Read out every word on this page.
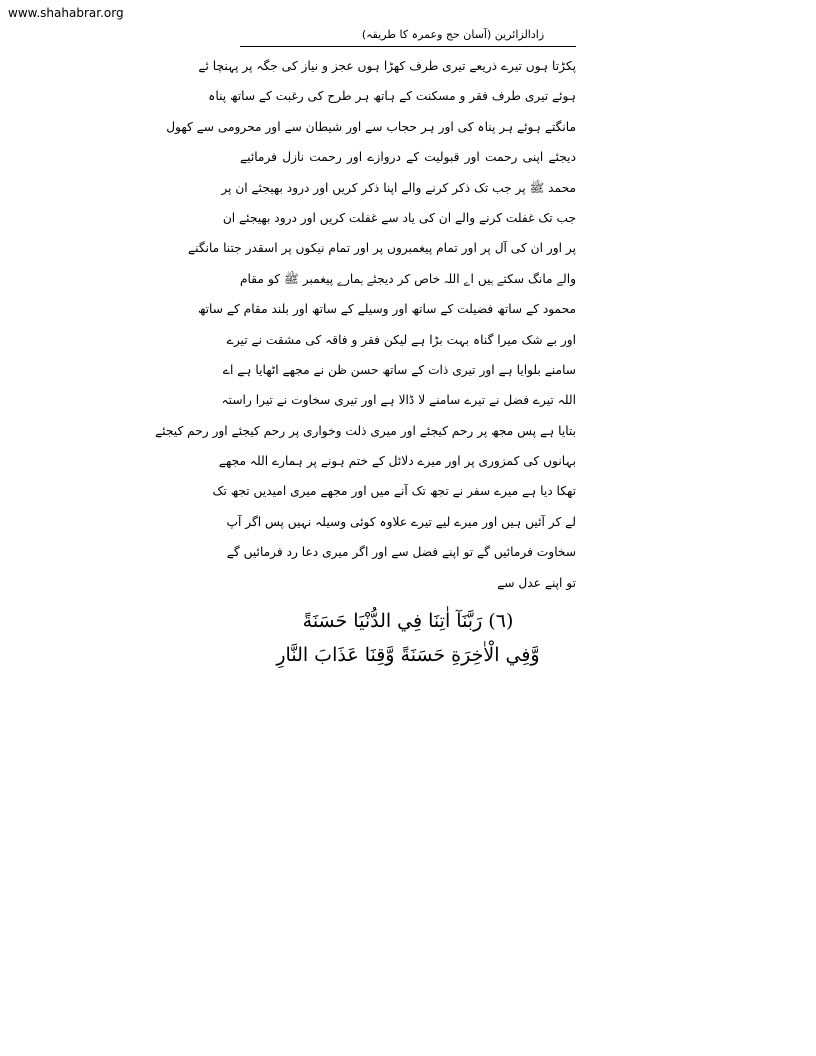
www.shahabrar.org
زادالزائرین (آسان حج وعمرہ کا طریقہ)
پکڑتا ہوں تیرے ذریعے تیری طرف کھڑا ہوں عجز و نیاز کی جگہ پر پہنچا ئے
ہوئے تیری طرف فقر و مسکنت کے ہاتھ ہر طرح کی رغبت کے ساتھ پناہ
مانگتے ہوئے ہر پناہ کی اور ہر حجاب سے اور شیطان سے اور محرومی سے کھول
دیجئے اپنی رحمت اور قبولیت کے دروازے اور رحمت نازل فرمائیے
محمد ﷺ پر جب تک ذکر کرنے والے اپنا ذکر کریں اور درود بھیجئے ان پر
جب تک غفلت کرنے والے ان کی یاد سے غفلت کریں اور درود بھیجئے ان
پر اور ان کی آل پر اور تمام پیغمبروں پر اور تمام نیکوں پر اسقدر جتنا مانگنے
والے مانگ سکتے ہیں اے اللہ خاص کر دیجئے ہمارے پیغمبر ﷺ کو مقام
محمود کے ساتھ فضیلت کے ساتھ اور وسیلے کے ساتھ اور بلند مقام کے ساتھ
اور بے شک میرا گناہ بہت بڑا ہے لیکن فقر و فاقہ کی مشقت نے تیرے
سامنے بلوایا ہے اور تیری ذات کے ساتھ حسن ظن نے مجھے اٹھایا ہے اے
اللہ تیرے فضل نے تیرے سامنے لا ڈالا ہے اور تیری سخاوت نے تیرا راستہ
بتایا ہے پس مجھ پر رحم کیجئے اور میری ذلت وخواری پر رحم کیجئے اور رحم کیجئے
بہانوں کی کمزوری پر اور میرے دلائل کے ختم ہونے پر ہمارے اللہ مجھے
تھکا دیا ہے میرے سفر نے تجھ تک آنے میں اور مجھے میری امیدیں تجھ تک
لے کر آئیں ہیں اور میرے لیے تیرے علاوہ کوئی وسیلہ نہیں پس اگر آپ
سخاوت فرمائیں گے تو اپنے فضل سے اور اگر میری دعا رد فرمائیں گے
تو اپنے عدل سے
(٦) رَبَّنَآ اٰتِنَا فِي الدُّنْيَا حَسَنَةً
وَّفِي الْاٰخِرَةِ حَسَنَةً وَّقِنَا عَذَابَ النَّارِ
